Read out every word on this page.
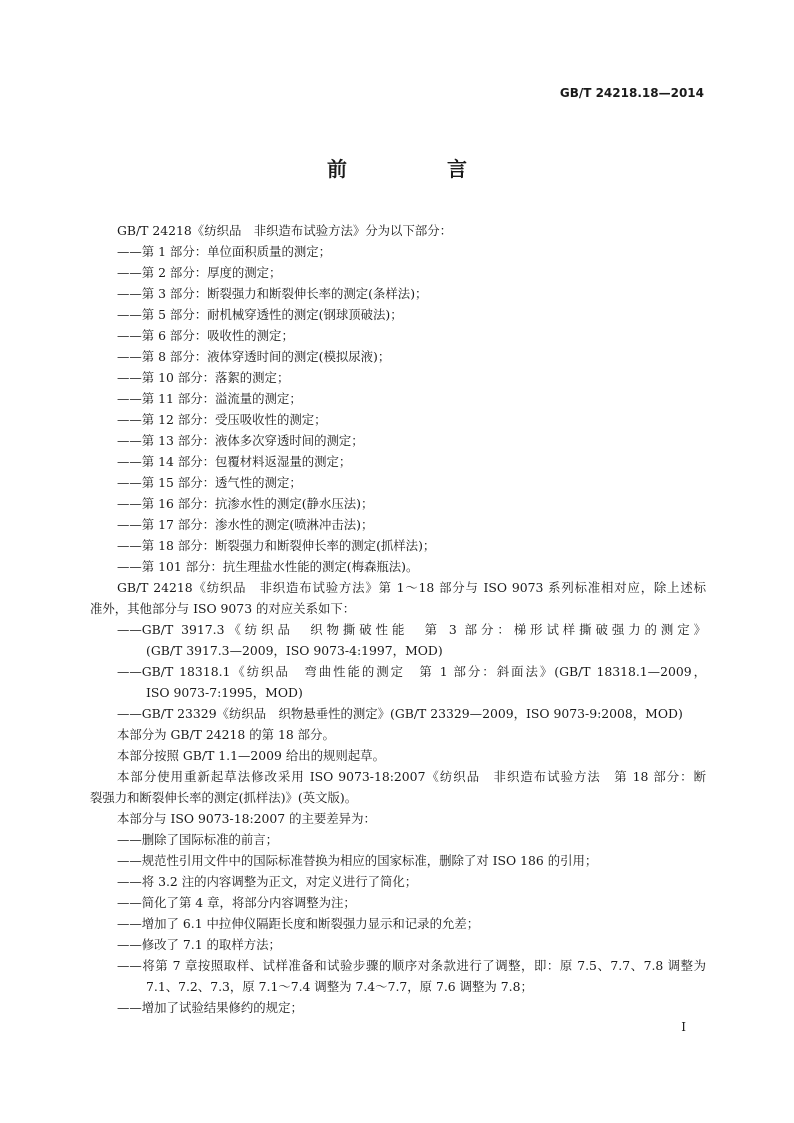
GB/T 24218.18—2014
前　言
GB/T 24218《纺织品　非织造布试验方法》分为以下部分：
——第 1 部分：单位面积质量的测定；
——第 2 部分：厚度的测定；
——第 3 部分：断裂强力和断裂伸长率的测定(条样法)；
——第 5 部分：耐机械穿透性的测定(钢球顶破法)；
——第 6 部分：吸收性的测定；
——第 8 部分：液体穿透时间的测定(模拟尿液)；
——第 10 部分：落絮的测定；
——第 11 部分：溢流量的测定；
——第 12 部分：受压吸收性的测定；
——第 13 部分：液体多次穿透时间的测定；
——第 14 部分：包覆材料返湿量的测定；
——第 15 部分：透气性的测定；
——第 16 部分：抗渗水性的测定(静水压法)；
——第 17 部分：渗水性的测定(喷淋冲击法)；
——第 18 部分：断裂强力和断裂伸长率的测定(抓样法)；
——第 101 部分：抗生理盐水性能的测定(梅森瓶法)。
GB/T 24218《纺织品　非织造布试验方法》第 1～18 部分与 ISO 9073 系列标准相对应，除上述标
准外，其他部分与 ISO 9073 的对应关系如下：
——GB/T 3917.3《纺织品　织物撕破性能　第 3 部分：梯形试样撕破强力的测定》
(GB/T 3917.3—2009，ISO 9073-4:1997，MOD)
——GB/T 18318.1《纺织品　弯曲性能的测定　第 1 部分：斜面法》(GB/T 18318.1—2009，
ISO 9073-7:1995，MOD)
——GB/T 23329《纺织品　织物悬垂性的测定》(GB/T 23329—2009，ISO 9073-9:2008，MOD)
本部分为 GB/T 24218 的第 18 部分。
本部分按照 GB/T 1.1—2009 给出的规则起草。
本部分使用重新起草法修改采用 ISO 9073-18:2007《纺织品　非织造布试验方法　第 18 部分：断
裂强力和断裂伸长率的测定(抓样法)》(英文版)。
本部分与 ISO 9073-18:2007 的主要差异为：
——删除了国际标准的前言；
——规范性引用文件中的国际标准替换为相应的国家标准，删除了对 ISO 186 的引用；
——将 3.2 注的内容调整为正文，对定义进行了简化；
——简化了第 4 章，将部分内容调整为注；
——增加了 6.1 中拉伸仪隔距长度和断裂强力显示和记录的允差；
——修改了 7.1 的取样方法；
——将第 7 章按照取样、试样准备和试验步骤的顺序对条款进行了调整，即：原 7.5、7.7、7.8 调整为
7.1、7.2、7.3，原 7.1～7.4 调整为 7.4～7.7，原 7.6 调整为 7.8；
——增加了试验结果修约的规定；
I
